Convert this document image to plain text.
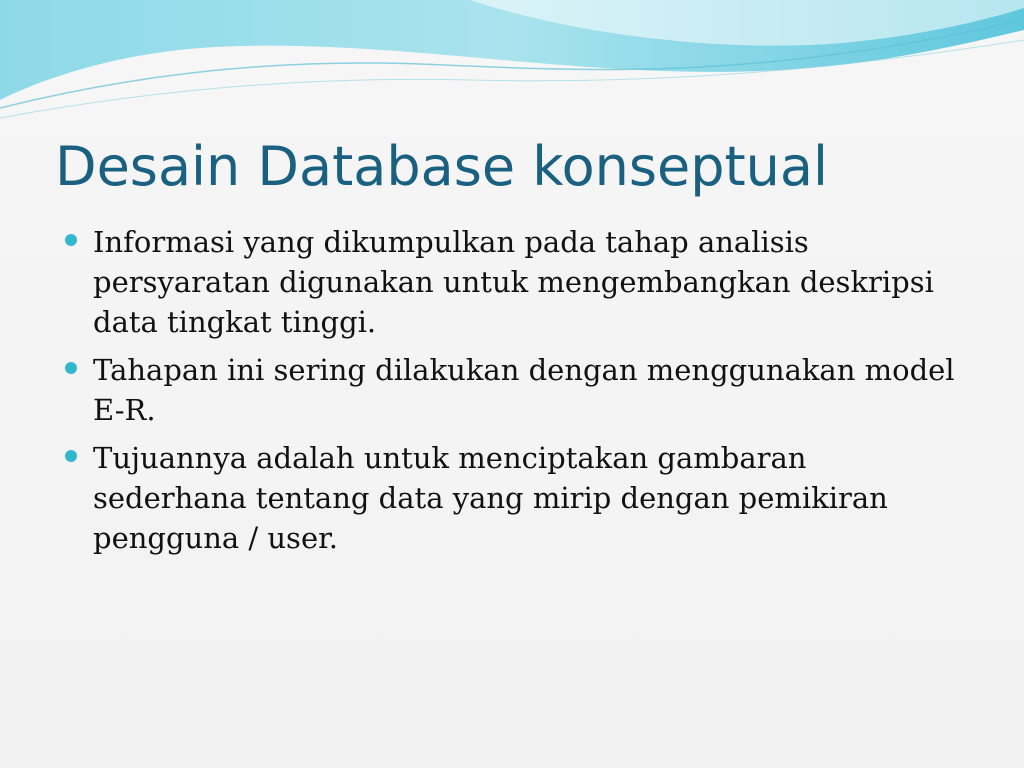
Desain Database konseptual
Informasi yang dikumpulkan pada tahap analisis persyaratan digunakan untuk mengembangkan deskripsi data tingkat tinggi.
Tahapan ini sering dilakukan dengan menggunakan model E-R.
Tujuannya adalah untuk menciptakan gambaran sederhana tentang data yang mirip dengan pemikiran pengguna / user.
